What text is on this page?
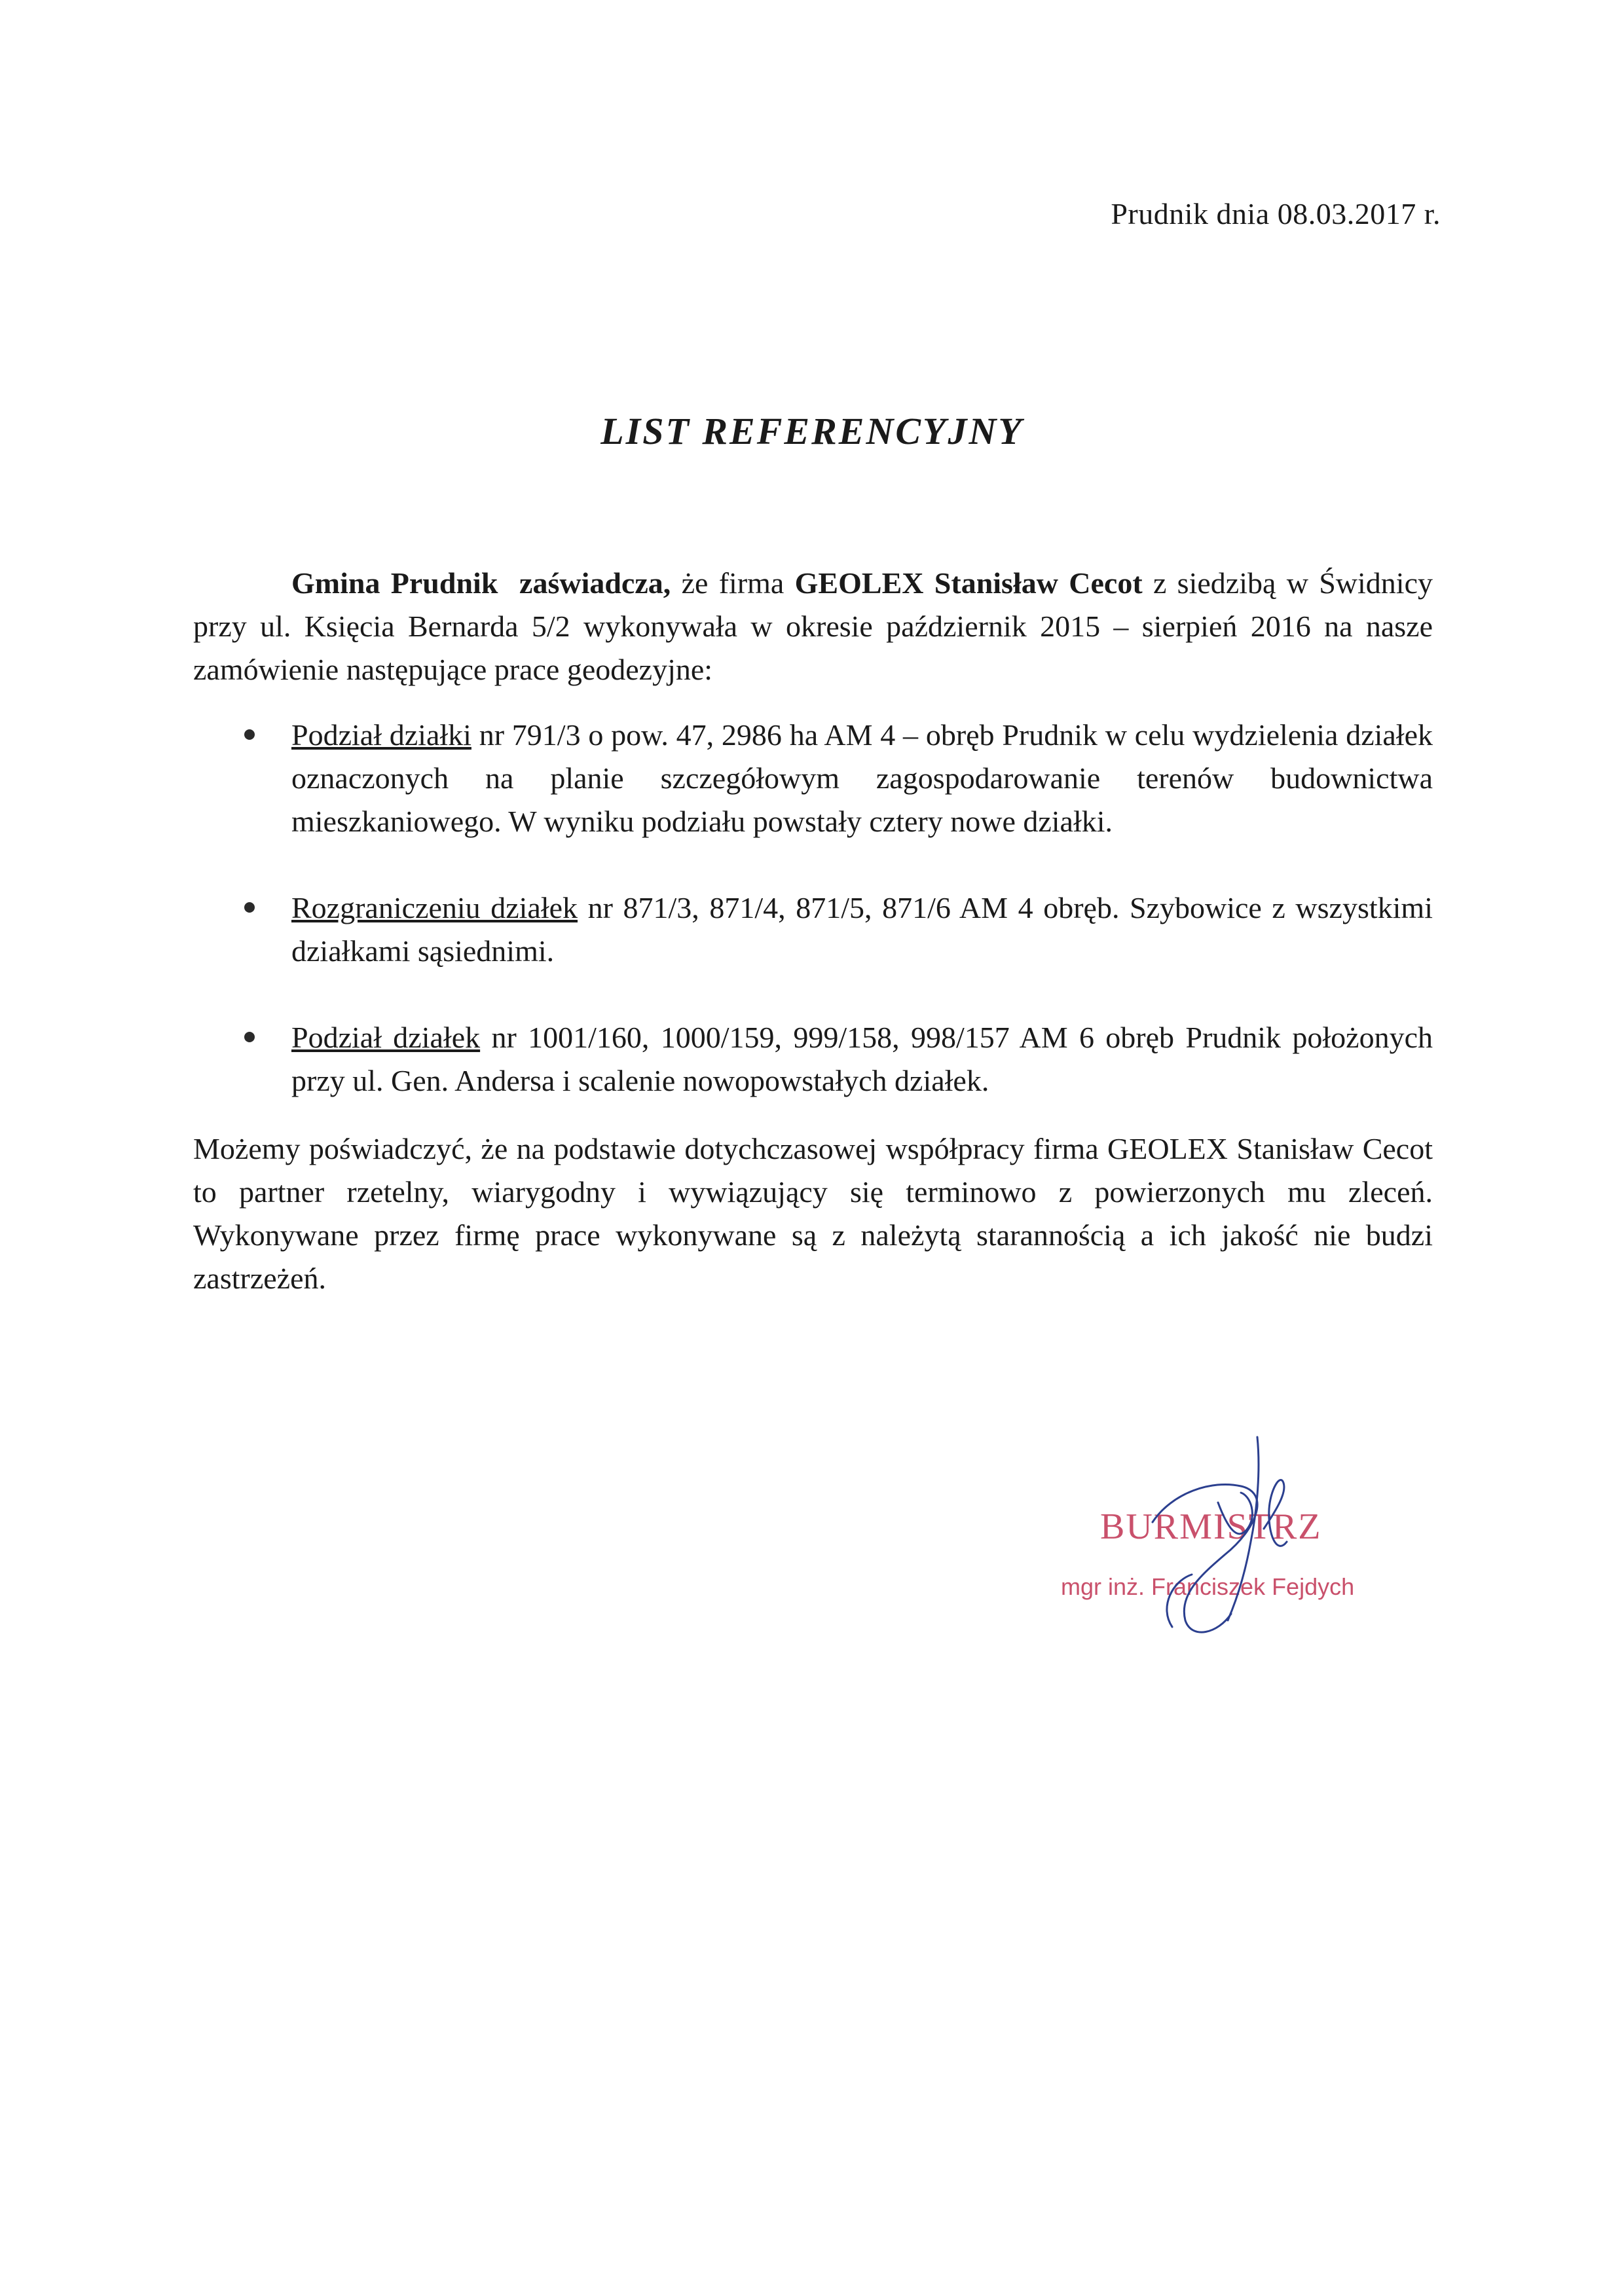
Prudnik dnia 08.03.2017 r.
LIST REFERENCYJNY

Gmina Prudnik zaświadcza, że firma GEOLEX Stanisław Cecot z siedzibą w Świdnicy przy ul. Księcia Bernarda 5/2 wykonywała w okresie październik 2015 – sierpień 2016 na nasze zamówienie następujące prace geodezyjne:

Podział działki nr 791/3 o pow. 47, 2986 ha AM 4 – obręb Prudnik w celu wydzielenia działek oznaczonych na planie szczegółowym zagospodarowanie terenów budownictwa mieszkaniowego. W wyniku podziału powstały cztery nowe działki.
Rozgraniczeniu działek nr 871/3, 871/4, 871/5, 871/6 AM 4 obręb. Szybowice z wszystkimi działkami sąsiednimi.
Podział działek nr 1001/160, 1000/159, 999/158, 998/157 AM 6 obręb Prudnik położonych przy ul. Gen. Andersa i scalenie nowopowstałych działek.

Możemy poświadczyć, że na podstawie dotychczasowej współpracy firma GEOLEX Stanisław Cecot to partner rzetelny, wiarygodny i wywiązujący się terminowo z powierzonych mu zleceń. Wykonywane przez firmę prace wykonywane są z należytą starannością a ich jakość nie budzi zastrzeżeń.

BURMISTRZ
mgr inż. Franciszek Fejdych
